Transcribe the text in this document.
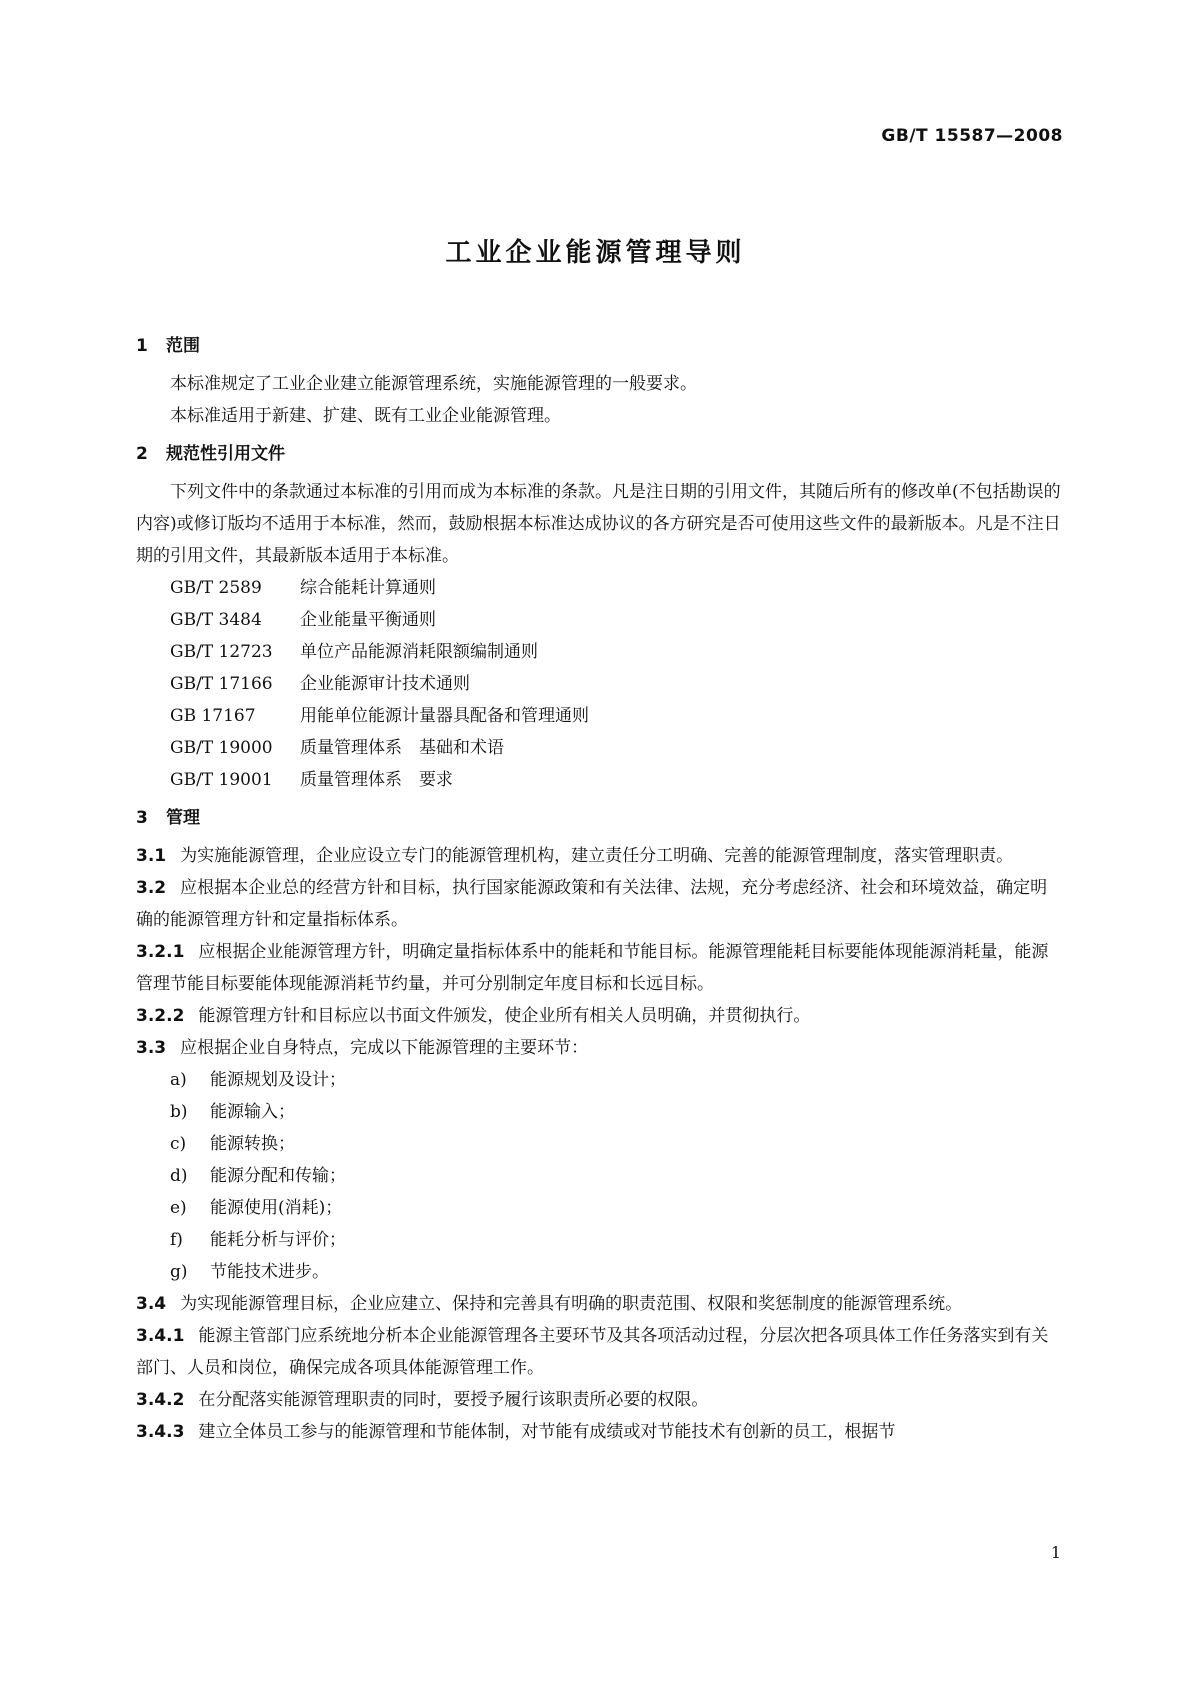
GB/T 15587—2008
工业企业能源管理导则
1 范围
本标准规定了工业企业建立能源管理系统，实施能源管理的一般要求。
本标准适用于新建、扩建、既有工业企业能源管理。
2 规范性引用文件
下列文件中的条款通过本标准的引用而成为本标准的条款。凡是注日期的引用文件，其随后所有的修改单(不包括勘误的内容)或修订版均不适用于本标准，然而，鼓励根据本标准达成协议的各方研究是否可使用这些文件的最新版本。凡是不注日期的引用文件，其最新版本适用于本标准。
GB/T 2589 综合能耗计算通则
GB/T 3484 企业能量平衡通则
GB/T 12723 单位产品能源消耗限额编制通则
GB/T 17166 企业能源审计技术通则
GB 17167	用能单位能源计量器具配备和管理通则
GB/T 19000 质量管理体系　基础和术语
GB/T 19001 质量管理体系　要求
3 管理
3.1 为实施能源管理，企业应设立专门的能源管理机构，建立责任分工明确、完善的能源管理制度，落实管理职责。
3.2 应根据本企业总的经营方针和目标，执行国家能源政策和有关法律、法规，充分考虑经济、社会和环境效益，确定明确的能源管理方针和定量指标体系。
3.2.1 应根据企业能源管理方针，明确定量指标体系中的能耗和节能目标。能源管理能耗目标要能体现能源消耗量，能源管理节能目标要能体现能源消耗节约量，并可分别制定年度目标和长远目标。
3.2.2 能源管理方针和目标应以书面文件颁发，使企业所有相关人员明确，并贯彻执行。
3.3 应根据企业自身特点，完成以下能源管理的主要环节：
a) 能源规划及设计；
b) 能源输入；
c) 能源转换；
d) 能源分配和传输；
e) 能源使用(消耗)；
f) 能耗分析与评价；
g) 节能技术进步。
3.4 为实现能源管理目标，企业应建立、保持和完善具有明确的职责范围、权限和奖惩制度的能源管理系统。
3.4.1 能源主管部门应系统地分析本企业能源管理各主要环节及其各项活动过程，分层次把各项具体工作任务落实到有关部门、人员和岗位，确保完成各项具体能源管理工作。
3.4.2 在分配落实能源管理职责的同时，要授予履行该职责所必要的权限。
3.4.3 建立全体员工参与的能源管理和节能体制，对节能有成绩或对节能技术有创新的员工，根据节
1
